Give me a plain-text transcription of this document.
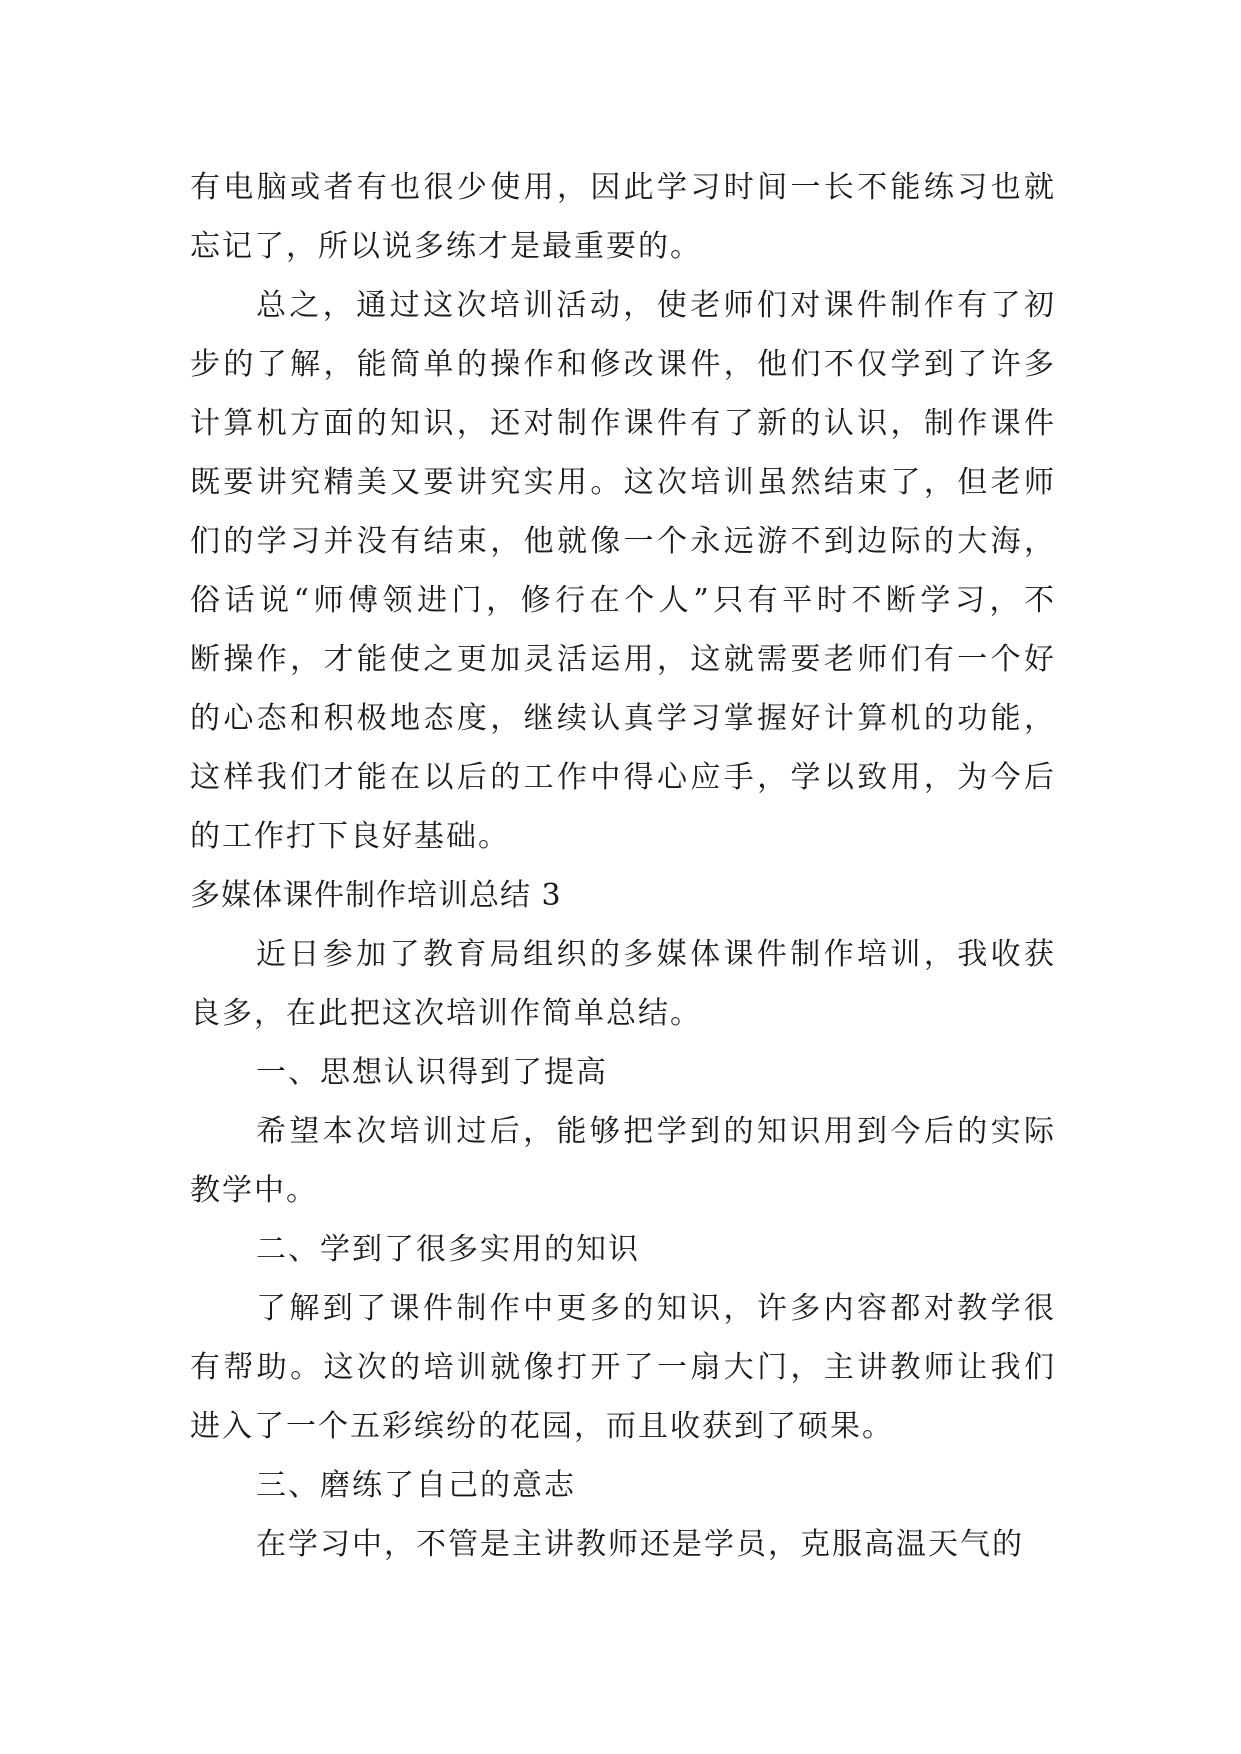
有电脑或者有也很少使用，因此学习时间一长不能练习也就
忘记了，所以说多练才是最重要的。
总之，通过这次培训活动，使老师们对课件制作有了初
步的了解，能简单的操作和修改课件，他们不仅学到了许多
计算机方面的知识，还对制作课件有了新的认识，制作课件
既要讲究精美又要讲究实用。这次培训虽然结束了，但老师
们的学习并没有结束，他就像一个永远游不到边际的大海，
俗话说“师傅领进门，修行在个人”只有平时不断学习，不
断操作，才能使之更加灵活运用，这就需要老师们有一个好
的心态和积极地态度，继续认真学习掌握好计算机的功能，
这样我们才能在以后的工作中得心应手，学以致用，为今后
的工作打下良好基础。
多媒体课件制作培训总结 3
近日参加了教育局组织的多媒体课件制作培训，我收获
良多，在此把这次培训作简单总结。
一、思想认识得到了提高
希望本次培训过后，能够把学到的知识用到今后的实际
教学中。
二、学到了很多实用的知识
了解到了课件制作中更多的知识，许多内容都对教学很
有帮助。这次的培训就像打开了一扇大门，主讲教师让我们
进入了一个五彩缤纷的花园，而且收获到了硕果。
三、磨练了自己的意志
在学习中，不管是主讲教师还是学员，克服高温天气的
